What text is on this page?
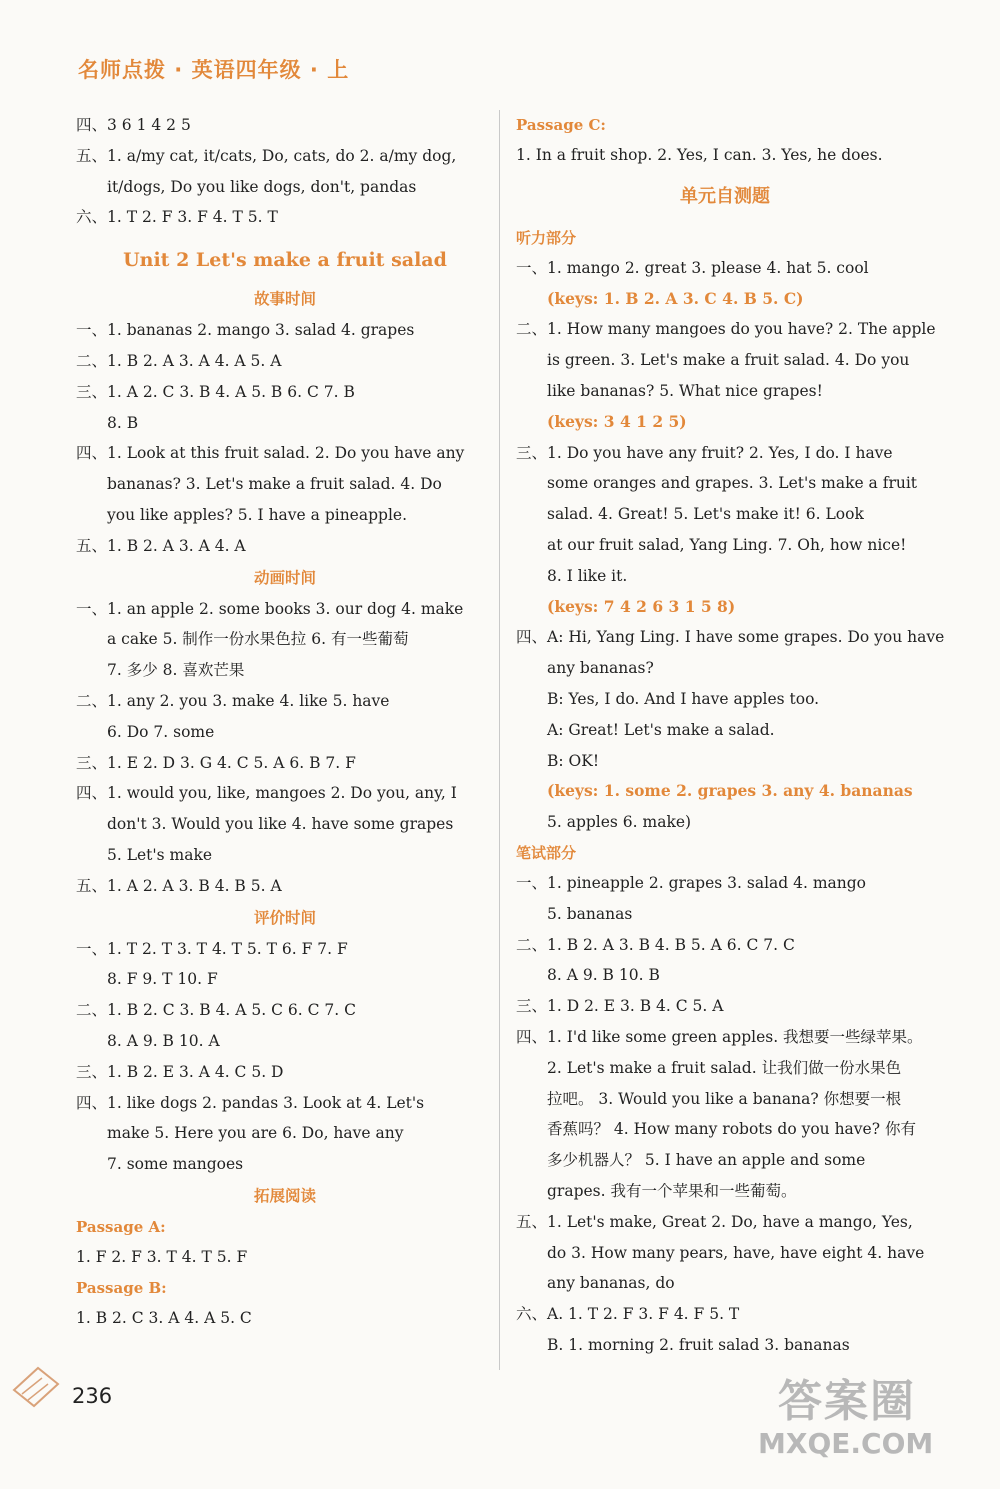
名师点拨 · 英语四年级 · 上

四、3 6 1 4 2 5

五、1. a/my cat, it/cats, Do, cats, do 2. a/my dog,

it/dogs, Do you like dogs, don't, pandas

六、1. T 2. F 3. F 4. T 5. T

Unit 2 Let's make a fruit salad
故事时间

一、1. bananas 2. mango 3. salad 4. grapes

二、1. B 2. A 3. A 4. A 5. A

三、1. A 2. C 3. B 4. A 5. B 6. C 7. B

8. B

四、1. Look at this fruit salad. 2. Do you have any

bananas? 3. Let's make a fruit salad. 4. Do

you like apples? 5. I have a pineapple.

五、1. B 2. A 3. A 4. A

动画时间

一、1. an apple 2. some books 3. our dog 4. make

a cake 5. 制作一份水果色拉 6. 有一些葡萄

7. 多少 8. 喜欢芒果

二、1. any 2. you 3. make 4. like 5. have

6. Do 7. some

三、1. E 2. D 3. G 4. C 5. A 6. B 7. F

四、1. would you, like, mangoes 2. Do you, any, I

don't 3. Would you like 4. have some grapes

5. Let's make

五、1. A 2. A 3. B 4. B 5. A

评价时间

一、1. T 2. T 3. T 4. T 5. T 6. F 7. F

8. F 9. T 10. F

二、1. B 2. C 3. B 4. A 5. C 6. C 7. C

8. A 9. B 10. A

三、1. B 2. E 3. A 4. C 5. D

四、1. like dogs 2. pandas 3. Look at 4. Let's

make 5. Here you are 6. Do, have any

7. some mangoes

拓展阅读
Passage A:

1. F 2. F 3. T 4. T 5. F

Passage B:

1. B 2. C 3. A 4. A 5. C

Passage C:

1. In a fruit shop. 2. Yes, I can. 3. Yes, he does.

单元自测题
听力部分

一、1. mango 2. great 3. please 4. hat 5. cool

(keys: 1. B 2. A 3. C 4. B 5. C)

二、1. How many mangoes do you have? 2. The apple

is green. 3. Let's make a fruit salad. 4. Do you

like bananas? 5. What nice grapes!

(keys: 3 4 1 2 5)

三、1. Do you have any fruit? 2. Yes, I do. I have

some oranges and grapes. 3. Let's make a fruit

salad. 4. Great! 5. Let's make it! 6. Look

at our fruit salad, Yang Ling. 7. Oh, how nice!

8. I like it.

(keys: 7 4 2 6 3 1 5 8)

四、A: Hi, Yang Ling. I have some grapes. Do you have

any bananas?

B: Yes, I do. And I have apples too.

A: Great! Let's make a salad.

B: OK!

(keys: 1. some 2. grapes 3. any 4. bananas

5. apples 6. make)

笔试部分

一、1. pineapple 2. grapes 3. salad 4. mango

5. bananas

二、1. B 2. A 3. B 4. B 5. A 6. C 7. C

8. A 9. B 10. B

三、1. D 2. E 3. B 4. C 5. A

四、1. I'd like some green apples. 我想要一些绿苹果。

2. Let's make a fruit salad. 让我们做一份水果色

拉吧。 3. Would you like a banana? 你想要一根

香蕉吗？ 4. How many robots do you have? 你有

多少机器人？ 5. I have an apple and some

grapes. 我有一个苹果和一些葡萄。

五、1. Let's make, Great 2. Do, have a mango, Yes,

do 3. How many pears, have, have eight 4. have

any bananas, do

六、A. 1. T 2. F 3. F 4. F 5. T

B. 1. morning 2. fruit salad 3. bananas

236	答案圈
MXQE.COM
